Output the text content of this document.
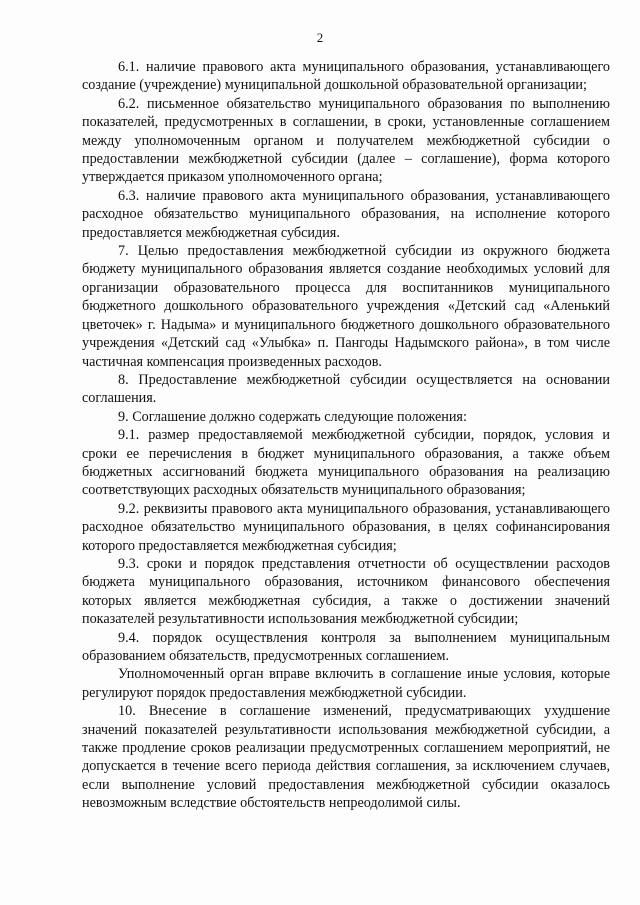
2

6.1. наличие правового акта муниципального образования, устанавливающего создание (учреждение) муниципальной дошкольной образовательной организации;

6.2. письменное обязательство муниципального образования по выполнению показателей, предусмотренных в соглашении, в сроки, установленные соглашением между уполномоченным органом и получателем межбюджетной субсидии о предоставлении межбюджетной субсидии (далее – соглашение), форма которого утверждается приказом уполномоченного органа;

6.3. наличие правового акта муниципального образования, устанавливающего расходное обязательство муниципального образования, на исполнение которого предоставляется межбюджетная субсидия.

7. Целью предоставления межбюджетной субсидии из окружного бюджета бюджету муниципального образования является создание необходимых условий для организации образовательного процесса для воспитанников муниципального бюджетного дошкольного образовательного учреждения «Детский сад «Аленький цветочек» г. Надыма» и муниципального бюджетного дошкольного образовательного учреждения «Детский сад «Улыбка» п. Пангоды Надымского района», в том числе частичная компенсация произведенных расходов.

8. Предоставление межбюджетной субсидии осуществляется на основании соглашения.

9. Соглашение должно содержать следующие положения:

9.1. размер предоставляемой межбюджетной субсидии, порядок, условия и сроки ее перечисления в бюджет муниципального образования, а также объем бюджетных ассигнований бюджета муниципального образования на реализацию соответствующих расходных обязательств муниципального образования;

9.2. реквизиты правового акта муниципального образования, устанавливающего расходное обязательство муниципального образования, в целях софинансирования которого предоставляется межбюджетная субсидия;

9.3. сроки и порядок представления отчетности об осуществлении расходов бюджета муниципального образования, источником финансового обеспечения которых является межбюджетная субсидия, а также о достижении значений показателей результативности использования межбюджетной субсидии;

9.4. порядок осуществления контроля за выполнением муниципальным образованием обязательств, предусмотренных соглашением.

Уполномоченный орган вправе включить в соглашение иные условия, которые регулируют порядок предоставления межбюджетной субсидии.

10. Внесение в соглашение изменений, предусматривающих ухудшение значений показателей результативности использования межбюджетной субсидии, а также продление сроков реализации предусмотренных соглашением мероприятий, не допускается в течение всего периода действия соглашения, за исключением случаев, если выполнение условий предоставления межбюджетной субсидии оказалось невозможным вследствие обстоятельств непреодолимой силы.
